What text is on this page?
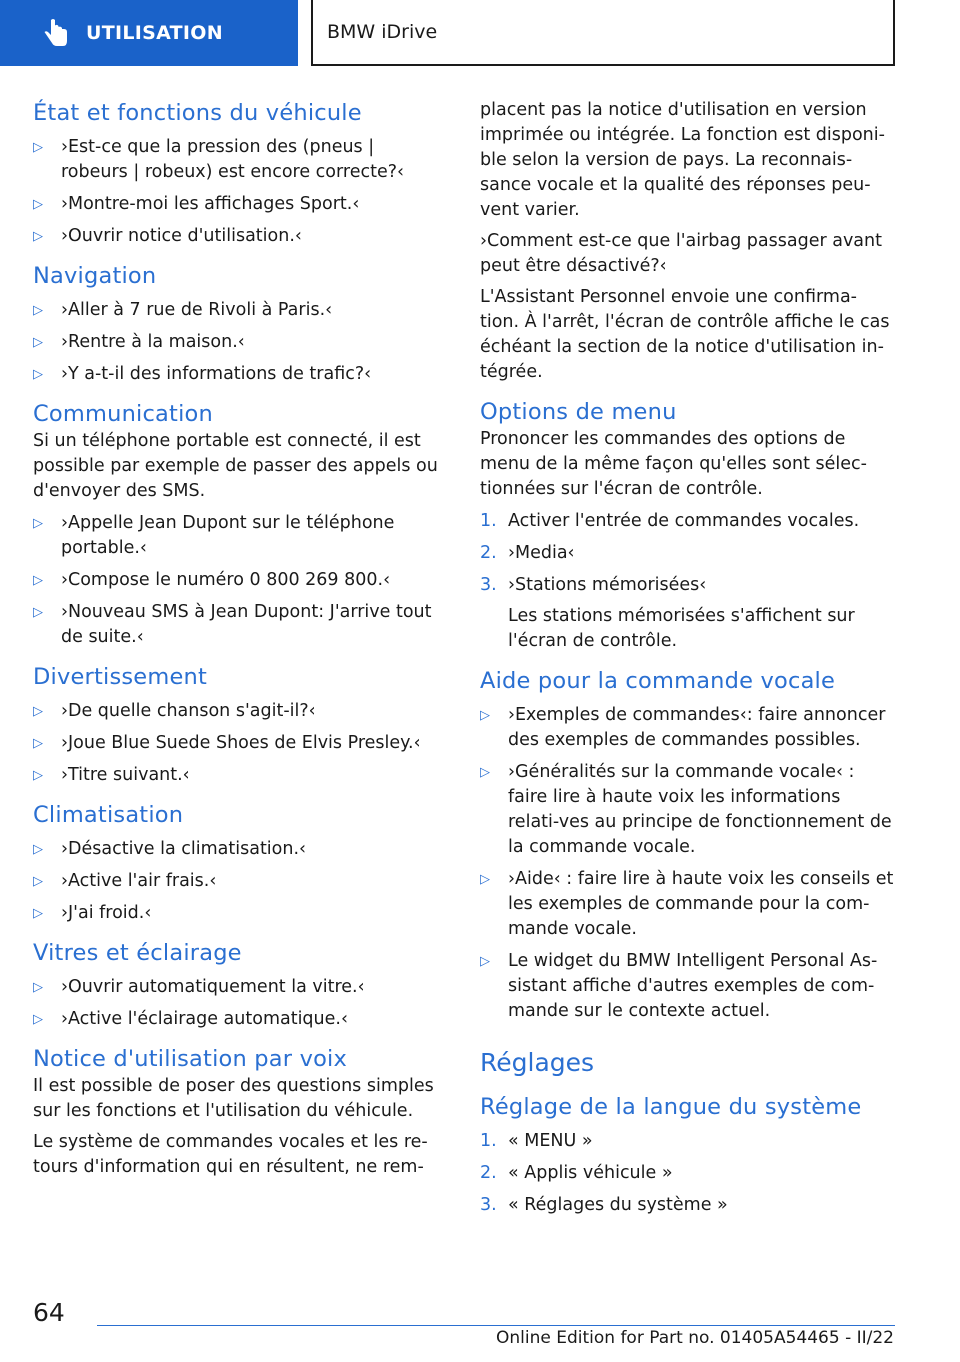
UTILISATION	BMW iDrive
État et fonctions du véhicule
▷ ›Est-ce que la pression des (pneus | robeurs | robeux) est encore correcte?‹
▷ ›Montre-moi les affichages Sport.‹
▷ ›Ouvrir notice d'utilisation.‹
Navigation
▷ ›Aller à 7 rue de Rivoli à Paris.‹
▷ ›Rentre à la maison.‹
▷ ›Y a-t-il des informations de trafic?‹
Communication

Si un téléphone portable est connecté, il est possible par exemple de passer des appels ou d'envoyer des SMS.

▷ ›Appelle Jean Dupont sur le téléphone portable.‹
▷ ›Compose le numéro 0 800 269 800.‹
▷ ›Nouveau SMS à Jean Dupont: J'arrive tout de suite.‹
Divertissement
▷ ›De quelle chanson s'agit-il?‹
▷ ›Joue Blue Suede Shoes de Elvis Presley.‹
▷ ›Titre suivant.‹
Climatisation
▷ ›Désactive la climatisation.‹
▷ ›Active l'air frais.‹
▷ ›J'ai froid.‹
Vitres et éclairage
▷ ›Ouvrir automatiquement la vitre.‹
▷ ›Active l'éclairage automatique.‹
Notice d'utilisation par voix

Il est possible de poser des questions simples sur les fonctions et l'utilisation du véhicule.

Le système de commandes vocales et les re-tours d'information qui en résultent, ne rem-

placent pas la notice d'utilisation en version imprimée ou intégrée. La fonction est disponi-ble selon la version de pays. La reconnais-sance vocale et la qualité des réponses peu-vent varier.

›Comment est-ce que l'airbag passager avant peut être désactivé?‹

L'Assistant Personnel envoie une confirma-tion. À l'arrêt, l'écran de contrôle affiche le cas échéant la section de la notice d'utilisation in-tégrée.

Options de menu

Prononcer les commandes des options de menu de la même façon qu'elles sont sélec-tionnées sur l'écran de contrôle.

1. Activer l'entrée de commandes vocales.
2. ›Media‹
3. ›Stations mémorisées‹
Les stations mémorisées s'affichent sur l'écran de contrôle.
Aide pour la commande vocale
▷ ›Exemples de commandes‹: faire annoncer des exemples de commandes possibles.
▷ ›Généralités sur la commande vocale‹ : faire lire à haute voix les informations relati-ves au principe de fonctionnement de la commande vocale.
▷ ›Aide‹ : faire lire à haute voix les conseils et les exemples de commande pour la com-mande vocale.
▷ Le widget du BMW Intelligent Personal As-sistant affiche d'autres exemples de com-mande sur le contexte actuel.
Réglages
Réglage de la langue du système
1. « MENU »
2. « Applis véhicule »
3. « Réglages du système »
64
Online Edition for Part no. 01405A54465 - II/22
